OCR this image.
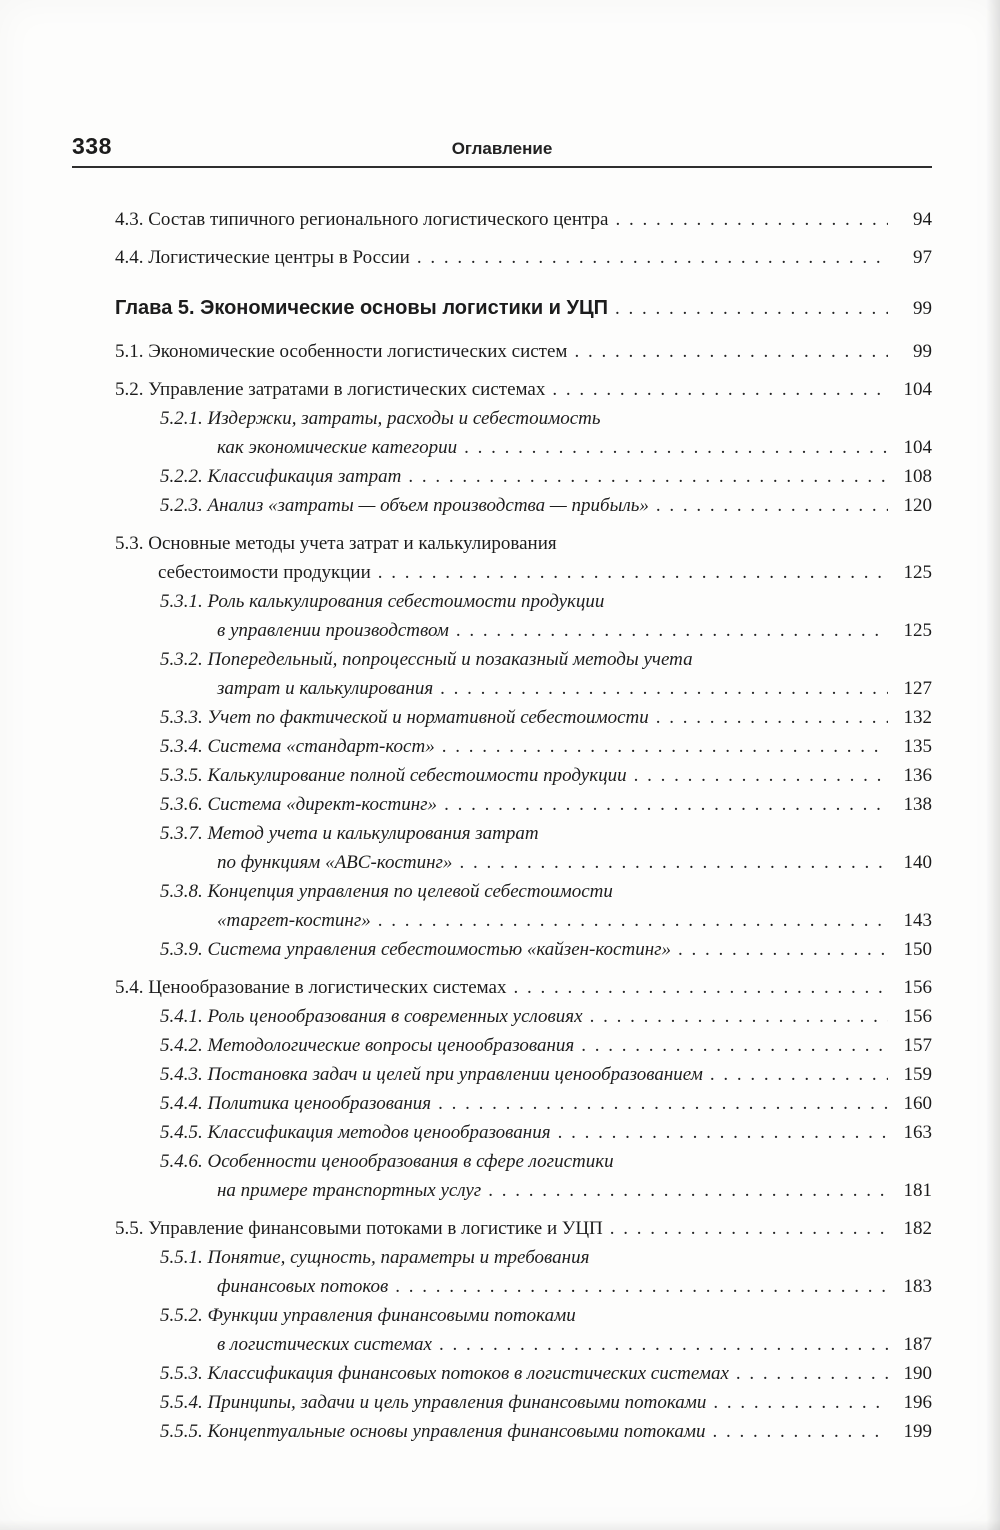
338	Оглавление
4.3. Состав типичного регионального логистического центра . . .	94
4.4. Логистические центры в России . . .	97
Глава 5. Экономические основы логистики и УЦП . . .	99
5.1. Экономические особенности логистических систем . . .	99
5.2. Управление затратами в логистических системах . . .	104
5.2.1. Издержки, затраты, расходы и себестоимость
как экономические категории . . .	104
5.2.2. Классификация затрат . . .	108
5.2.3. Анализ «затраты — объем производства — прибыль» . . .	120
5.3. Основные методы учета затрат и калькулирования
себестоимости продукции . . .	125
5.3.1. Роль калькулирования себестоимости продукции
в управлении производством . . .	125
5.3.2. Попередельный, попроцессный и позаказный методы учета
затрат и калькулирования . . .	127
5.3.3. Учет по фактической и нормативной себестоимости . . .	132
5.3.4. Система «стандарт-кост» . . .	135
5.3.5. Калькулирование полной себестоимости продукции . . .	136
5.3.6. Система «директ-костинг» . . .	138
5.3.7. Метод учета и калькулирования затрат
по функциям «ABC-костинг» . . .	140
5.3.8. Концепция управления по целевой себестоимости
«таргет-костинг» . . .	143
5.3.9. Система управления себестоимостью «кайзен-костинг» . . .	150
5.4. Ценообразование в логистических системах . . .	156
5.4.1. Роль ценообразования в современных условиях . . .	156
5.4.2. Методологические вопросы ценообразования . . .	157
5.4.3. Постановка задач и целей при управлении ценообразованием . . .	159
5.4.4. Политика ценообразования . . .	160
5.4.5. Классификация методов ценообразования . . .	163
5.4.6. Особенности ценообразования в сфере логистики
на примере транспортных услуг . . .	181
5.5. Управление финансовыми потоками в логистике и УЦП . . .	182
5.5.1. Понятие, сущность, параметры и требования
финансовых потоков . . .	183
5.5.2. Функции управления финансовыми потоками
в логистических системах . . .	187
5.5.3. Классификация финансовых потоков в логистических системах . . .	190
5.5.4. Принципы, задачи и цель управления финансовыми потоками . . .	196
5.5.5. Концептуальные основы управления финансовыми потоками . . .	199
